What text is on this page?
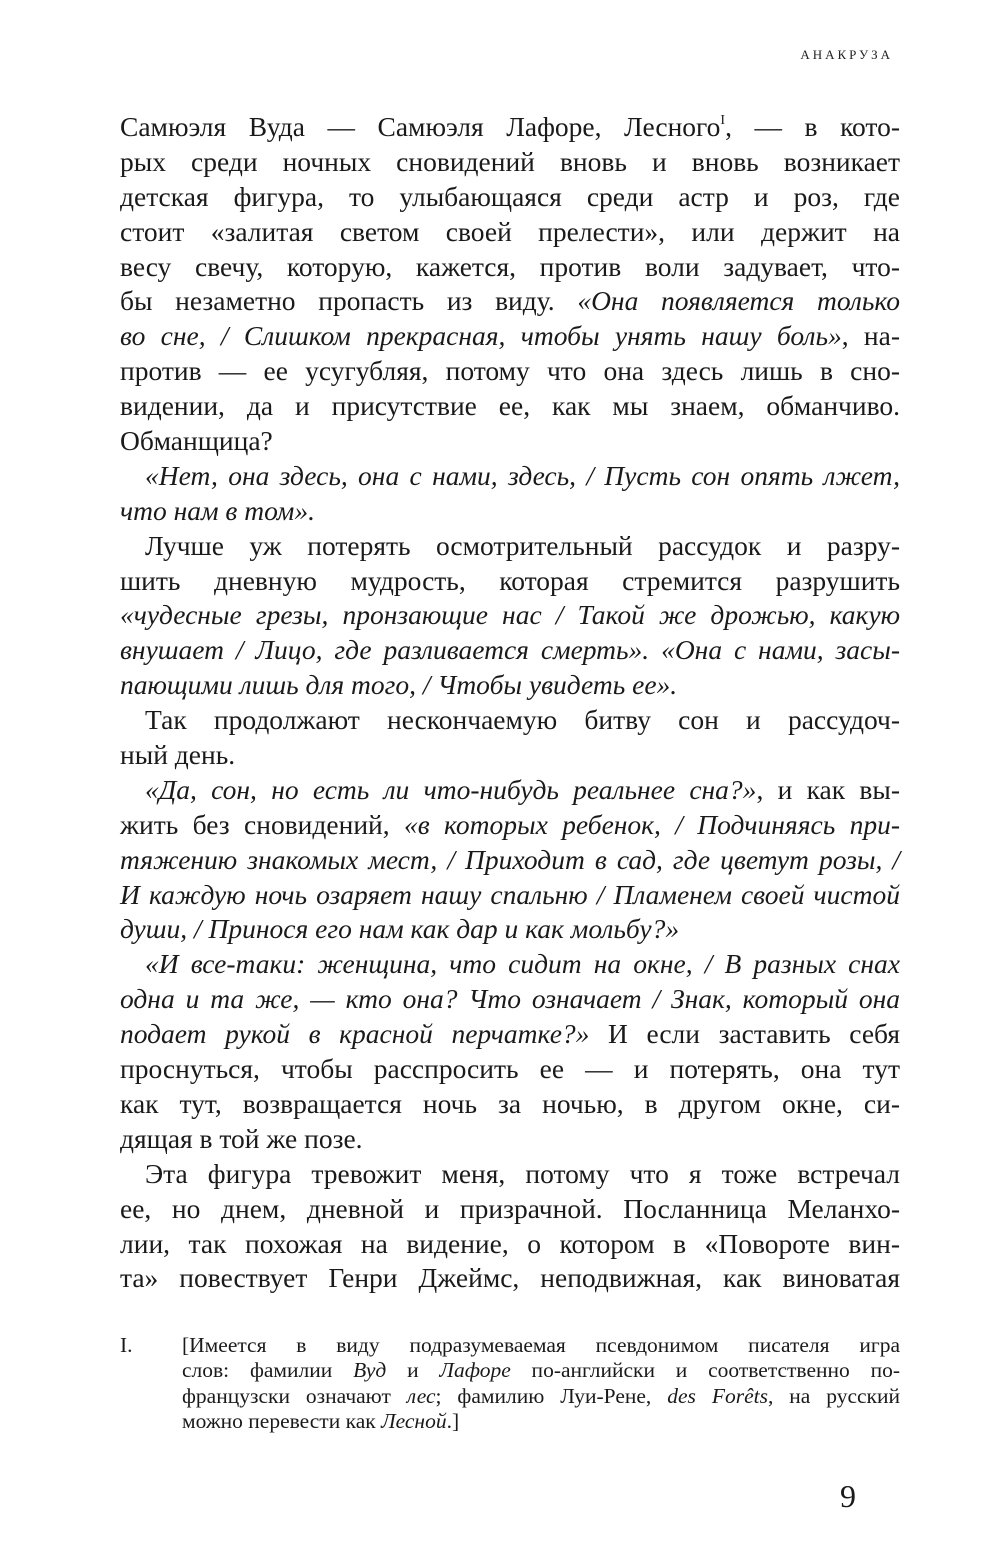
АНАКРУЗА
Самюэля Вуда — Самюэля Лафоре, Лесного$^I$, — в кото-
рых среди ночных сновидений вновь и вновь возникает
детская фигура, то улыбающаяся среди астр и роз, где
стоит «залитая светом своей прелести», или держит на
весу свечу, которую, кажется, против воли задувает, что-
бы незаметно пропасть из виду. «Она появляется только
во сне, / Слишком прекрасная, чтобы унять нашу боль», на-
против — ее усугубляя, потому что она здесь лишь в сно-
видении, да и присутствие ее, как мы знаем, обманчиво.
Обманщица?
«Нет, она здесь, она с нами, здесь, / Пусть сон опять лжет,
что нам в том».
Лучше уж потерять осмотрительный рассудок и разру-
шить дневную мудрость, которая стремится разрушить
«чудесные грезы, пронзающие нас / Такой же дрожью, какую
внушает / Лицо, где разливается смерть». «Она с нами, засы-
пающими лишь для того, / Чтобы увидеть ее».
Так продолжают нескончаемую битву сон и рассудоч-
ный день.
«Да, сон, но есть ли что-нибудь реальнее сна?», и как вы-
жить без сновидений, «в которых ребенок, / Подчиняясь при-
тяжению знакомых мест, / Приходит в сад, где цветут розы, /
И каждую ночь озаряет нашу спальню / Пламенем своей чистой
души, / Принося его нам как дар и как мольбу?»
«И все-таки: женщина, что сидит на окне, / В разных снах
одна и та же, — кто она? Что означает / Знак, который она
подает рукой в красной перчатке?» И если заставить себя
проснуться, чтобы расспросить ее — и потерять, она тут
как тут, возвращается ночь за ночью, в другом окне, си-
дящая в той же позе.
Эта фигура тревожит меня, потому что я тоже встречал
ее, но днем, дневной и призрачной. Посланница Меланхо-
лии, так похожая на видение, о котором в «Повороте вин-
та» повествует Генри Джеймс, неподвижная, как виноватая
I. [Имеется в виду подразумеваемая псевдонимом писателя игра
слов: фамилии Вуд и Лафоре по-английски и соответственно по-
французски означают лес; фамилию Луи-Рене, des Forêts, на русский
можно перевести как Лесной.]
9
